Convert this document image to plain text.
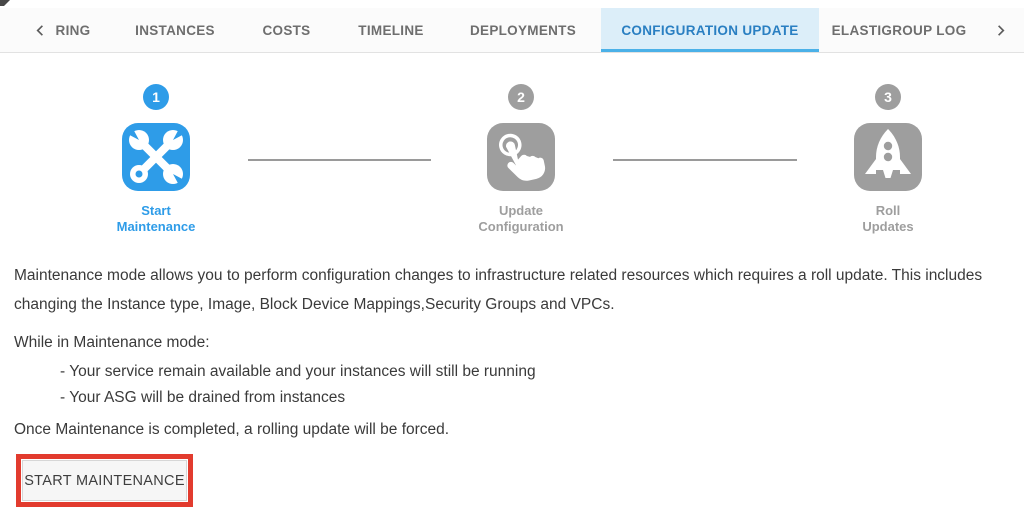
RING	INSTANCES	COSTS	TIMELINE	DEPLOYMENTS	CONFIGURATION UPDATE	ELASTIGROUP LOG
1
Start
Maintenance
2
Update
Configuration
3
Roll
Updates
Maintenance mode allows you to perform configuration changes to infrastructure related resources which requires a roll update. This includes changing the Instance type, Image, Block Device Mappings,Security Groups and VPCs.
While in Maintenance mode:
- Your service remain available and your instances will still be running
- Your ASG will be drained from instances
Once Maintenance is completed, a rolling update will be forced.
START MAINTENANCE
